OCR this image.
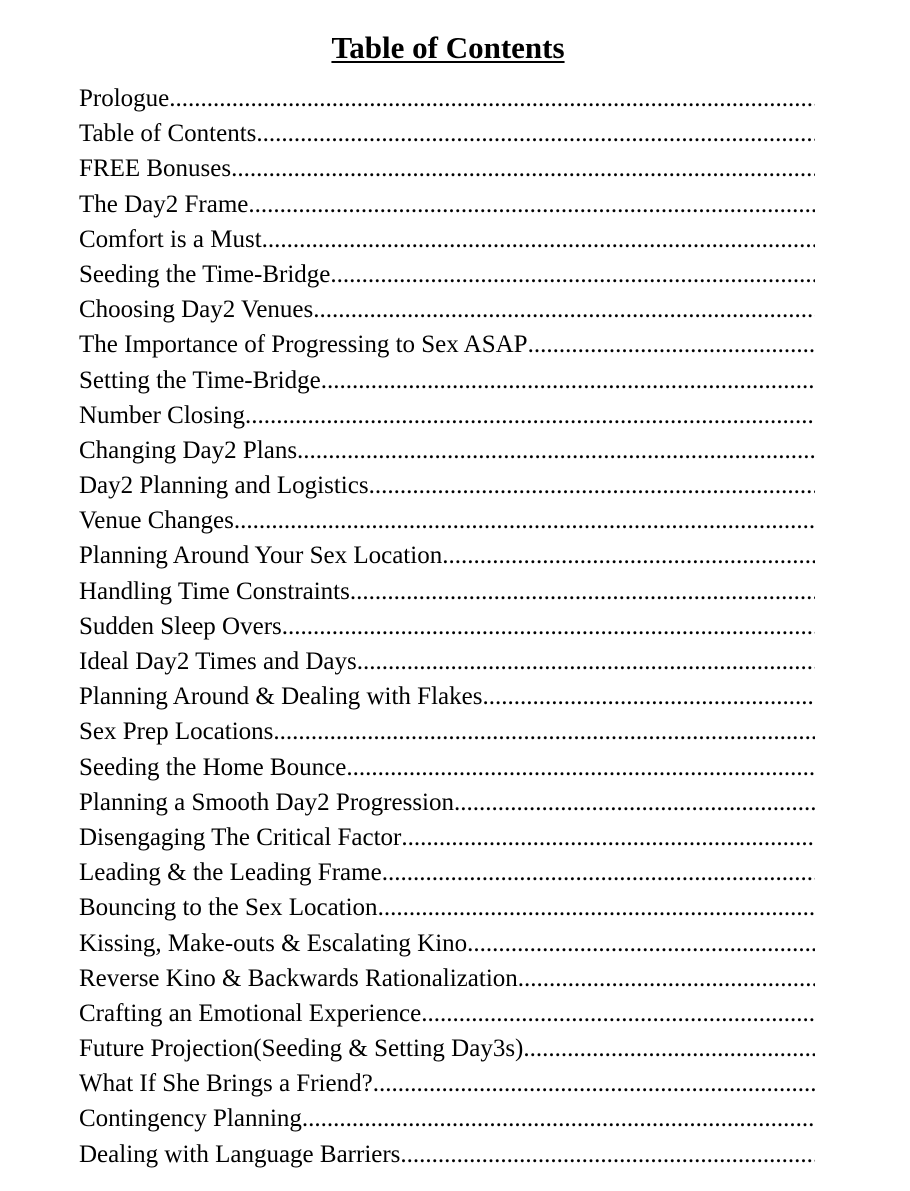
Table of Contents
Prologue
.....
Table of Contents
.....
FREE Bonuses
.....
The Day2 Frame
.....
Comfort is a Must
.....
Seeding the Time-Bridge
.....
Choosing Day2 Venues
.....
The Importance of Progressing to Sex ASAP
.....
Setting the Time-Bridge
.....
Number Closing
.....
Changing Day2 Plans
.....
Day2 Planning and Logistics
.....
Venue Changes
.....
Planning Around Your Sex Location
.....
Handling Time Constraints
.....
Sudden Sleep Overs
.....
Ideal Day2 Times and Days
.....
Planning Around & Dealing with Flakes
.....
Sex Prep Locations
.....
Seeding the Home Bounce
.....
Planning a Smooth Day2 Progression
.....
Disengaging The Critical Factor
.....
Leading & the Leading Frame
.....
Bouncing to the Sex Location
.....
Kissing, Make-outs & Escalating Kino
.....
Reverse Kino & Backwards Rationalization
.....
Crafting an Emotional Experience
.....
Future Projection(Seeding & Setting Day3s)
.....
What If She Brings a Friend?
.....
Contingency Planning
.....
Dealing with Language Barriers
.....
